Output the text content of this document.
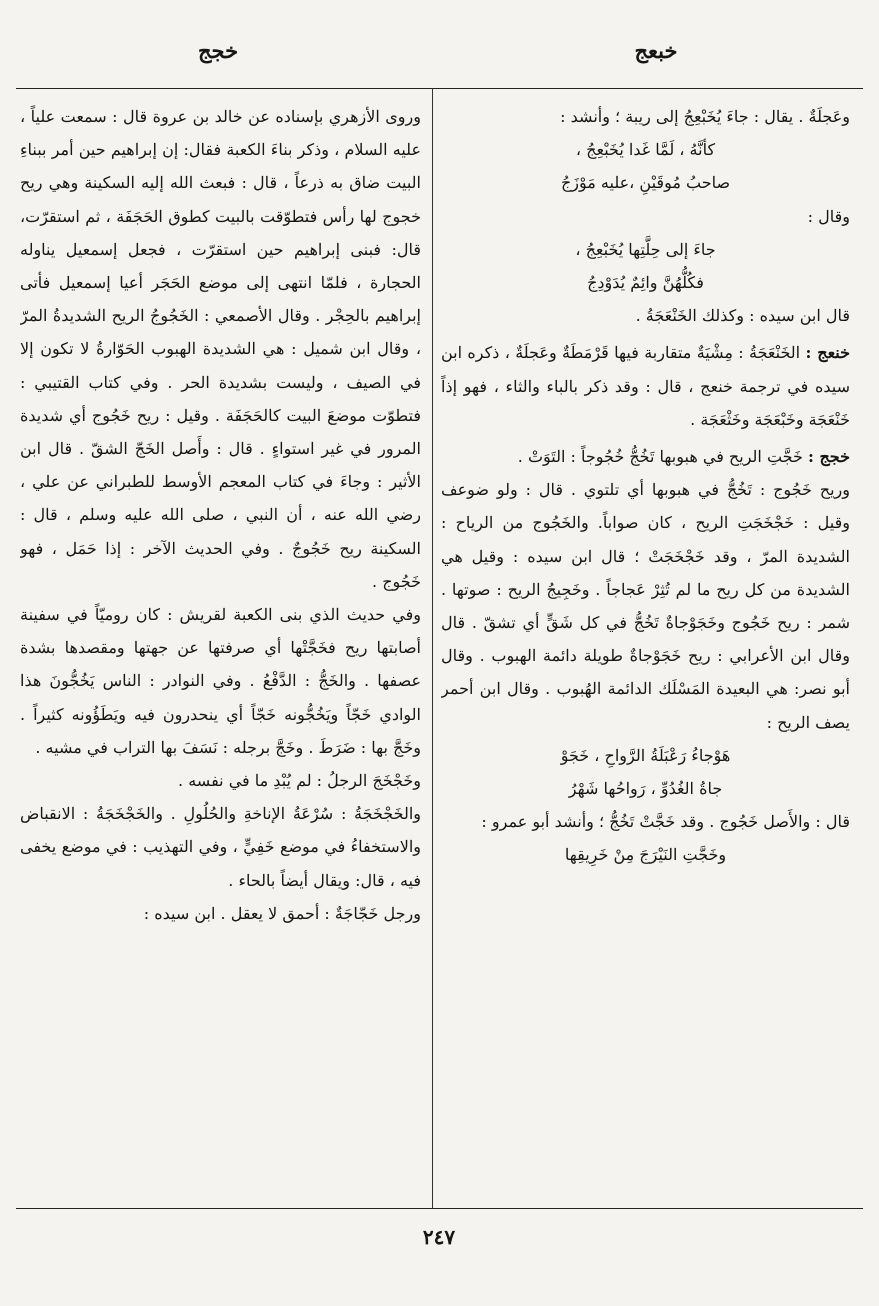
خبعج
خجج

وعَجلَةٌ . يقال : جاءَ يُخَبْعِجُ إلى ريبة ؛ وأنشد :

كأنَّهُ ، لَمَّا غَدا يُخَبْعِجُ ،

صاحبُ مُوقَيْنِ ،عليه مَوْزَجُ

وقال :

جاءَ إلى حِلَّتِها يُخَبْعِجُ ،

فكُلُّهُنَّ وائِمٌ يُدَوْدِجُ

قال ابن سيده : وكذلك الخَنْعَجَةُ .

خنعج : الخَنْعَجَةُ : مِشْيَةٌ متقاربة فيها قَرْمَطَةٌ وعَجلَةٌ ، ذكره ابن سيده في ترجمة خنعج ، قال : وقد ذكر بالباء والثاء ، فهو إذاً خَنْعَجَة وخَبْعَجَة وخَثْعَجَة .

خجج : خَجَّتِ الريح في هبوبها تَخُجُّ خُجُوجاً : التَوَتْ .

وريح خَجُوج : تَخُجُّ في هبوبها أي تلتوي . قال : ولو ضوعف وقيل : خَجْخَجَتِ الريح ، كان صواباً. والخَجُوج من الرياح : الشديدة المرّ ، وقد خَجْخَجَتْ ؛ قال ابن سيده : وقيل هي الشديدة من كل ريح ما لم تُثِرْ عَجاجاً . وخَجِيجُ الريح : صوتها . شمر : ريح خَجُوج وخَجَوْجاةٌ تَخُجُّ في كل شَقٍّ أي تشقّ . قال وقال ابن الأعرابي : ريح خَجَوْجاةٌ طويلة دائمة الهبوب . وقال أبو نصر: هي البعيدة المَسْلَك الدائمة الهُبوب . وقال ابن أحمر يصف الريح :

هَوْجاءُ رَعْبَلَةُ الرَّواحِ ، خَجَوْ

جاةُ الغُدُوِّ ، رَواحُها شَهْرُ

قال : والأَصل خَجُوج . وقد خَجَّتْ تَخُجُّ ؛ وأنشد أبو عمرو :

وخَجَّتِ النَيْرَجَ مِنْ خَرِيقِها

وروى الأزهري بإسناده عن خالد بن عروة قال : سمعت علياً ، عليه السلام ، وذكر بناءَ الكعبة فقال: إن إبراهيم حين أمر ببناءِ البيت ضاق به ذرعاً ، قال : فبعث الله إليه السكينة وهي ريح خجوج لها رأس فتطوّقت بالبيت كطوق الحَجَفَة ، ثم استقرّت، قال: فبنى إبراهيم حين استقرّت ، فجعل إسمعيل يناوله الحجارة ، فلمّا انتهى إلى موضع الحَجَر أعيا إسمعيل فأتى إبراهيم بالحِجْر . وقال الأصمعي : الخَجُوجُ الريح الشديدةُ المرّ ، وقال ابن شميل : هي الشديدة الهبوب الحَوّارةُ لا تكون إلا في الصيف ، وليست بشديدة الحر . وفي كتاب القتيبي : فتطوّت موضعَ البيت كالحَجَفَة . وقيل : ريح خَجُوج أي شديدة المرور في غير استواءٍ . قال : وأَصل الخَجّ الشقّ . قال ابن الأثير : وجاءَ في كتاب المعجم الأوسط للطبراني عن علي ، رضي الله عنه ، أن النبي ، صلى الله عليه وسلم ، قال : السكينة ريح خَجُوجٌ . وفي الحديث الآخر : إذا حَمَل ، فهو خَجُوج .

وفي حديث الذي بنى الكعبة لقريش : كان روميّاً في سفينة أصابتها ريح فخَجَّتْها أي صرفتها عن جهتها ومقصدها بشدة عصفها . والخَجُّ : الدَّفْعُ . وفي النوادر : الناس يَخُجُّونَ هذا الوادي خَجّاً ويَخُجُّونه خَجّاً أي ينحدرون فيه ويَطَؤُونه كثيراً . وخَجَّ بها : ضَرَطَ . وخَجَّ برجله : نَسَفَ بها التراب في مشيه .

وخَجْخَجَ الرجلُ : لم يُبْدِ ما في نفسه .

والخَجْخَجَةُ : سُرْعَةُ الإناخةِ والحُلُولِ . والخَجْخَجَةُ : الانقباض والاستخفاءُ في موضع خَفِيٍّ ، وفي التهذيب : في موضع يخفى فيه ، قال: ويقال أيضاً بالحاء .

ورجل خَجّاجَةٌ : أحمق لا يعقل . ابن سيده :

٢٤٧
